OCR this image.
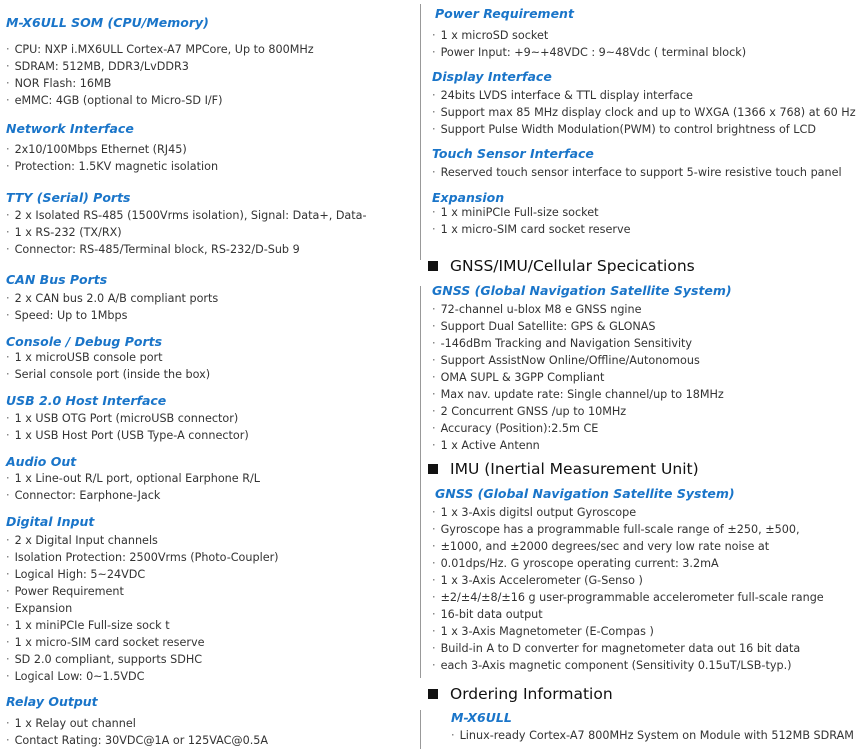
M-X6ULL SOM (CPU/Memory)
· CPU: NXP i.MX6ULL Cortex-A7 MPCore, Up to 800MHz
· SDRAM: 512MB, DDR3/LvDDR3
· NOR Flash: 16MB
· eMMC: 4GB (optional to Micro-SD I/F)
Network Interface
· 2x10/100Mbps Ethernet (RJ45)
· Protection: 1.5KV magnetic isolation
TTY (Serial) Ports
· 2 x Isolated RS-485 (1500Vrms isolation), Signal: Data+, Data-
· 1 x RS-232 (TX/RX)
· Connector: RS-485/Terminal block, RS-232/D-Sub 9
CAN Bus Ports
· 2 x CAN bus 2.0 A/B compliant ports
· Speed: Up to 1Mbps
Console / Debug Ports
· 1 x microUSB console port
· Serial console port (inside the box)
USB 2.0 Host Interface
· 1 x USB OTG Port (microUSB connector)
· 1 x USB Host Port (USB Type-A connector)
Audio Out
· 1 x Line-out R/L port, optional Earphone R/L
· Connector: Earphone-Jack
Digital Input
· 2 x Digital Input channels
· Isolation Protection: 2500Vrms (Photo-Coupler)
· Logical High: 5~24VDC
· Power Requirement
· Expansion
· 1 x miniPCIe Full-size sock t
· 1 x micro-SIM card socket reserve
· SD 2.0 compliant, supports SDHC
· Logical Low: 0~1.5VDC
Relay Output
· 1 x Relay out channel
· Contact Rating: 30VDC@1A or 125VAC@0.5A
Power Requirement
· 1 x microSD socket
· Power Input: +9~+48VDC : 9~48Vdc ( terminal block)
Display Interface
· 24bits LVDS interface & TTL display interface
· Support max 85 MHz display clock and up to WXGA (1366 x 768) at 60 Hz
· Support Pulse Width Modulation(PWM) to control brightness of LCD
Touch Sensor Interface
· Reserved touch sensor interface to support 5-wire resistive touch panel
Expansion
· 1 x miniPCIe Full-size socket
· 1 x micro-SIM card socket reserve
GNSS/IMU/Cellular Specications
GNSS (Global Navigation Satellite System)
· 72-channel u-blox M8 e GNSS ngine
· Support Dual Satellite: GPS & GLONAS
· -146dBm Tracking and Navigation Sensitivity
· Support AssistNow Online/Offline/Autonomous
· OMA SUPL & 3GPP Compliant
· Max nav. update rate: Single channel/up to 18MHz
· 2 Concurrent GNSS /up to 10MHz
· Accuracy (Position):2.5m CE
· 1 x Active Antenn
IMU (Inertial Measurement Unit)
GNSS (Global Navigation Satellite System)
· 1 x 3-Axis digitsl output Gyroscope
· Gyroscope has a programmable full-scale range of ±250, ±500,
· ±1000, and ±2000 degrees/sec and very low rate noise at
· 0.01dps/Hz. G yroscope operating current: 3.2mA
· 1 x 3-Axis Accelerometer (G-Senso )
· ±2/±4/±8/±16 g user-programmable accelerometer full-scale range
· 16-bit data output
· 1 x 3-Axis Magnetometer (E-Compas )
· Build-in A to D converter for magnetometer data out 16 bit data
· each 3-Axis magnetic component (Sensitivity 0.15uT/LSB-typ.)
Ordering Information
M-X6ULL
· Linux-ready Cortex-A7 800MHz System on Module with 512MB SDRAM
